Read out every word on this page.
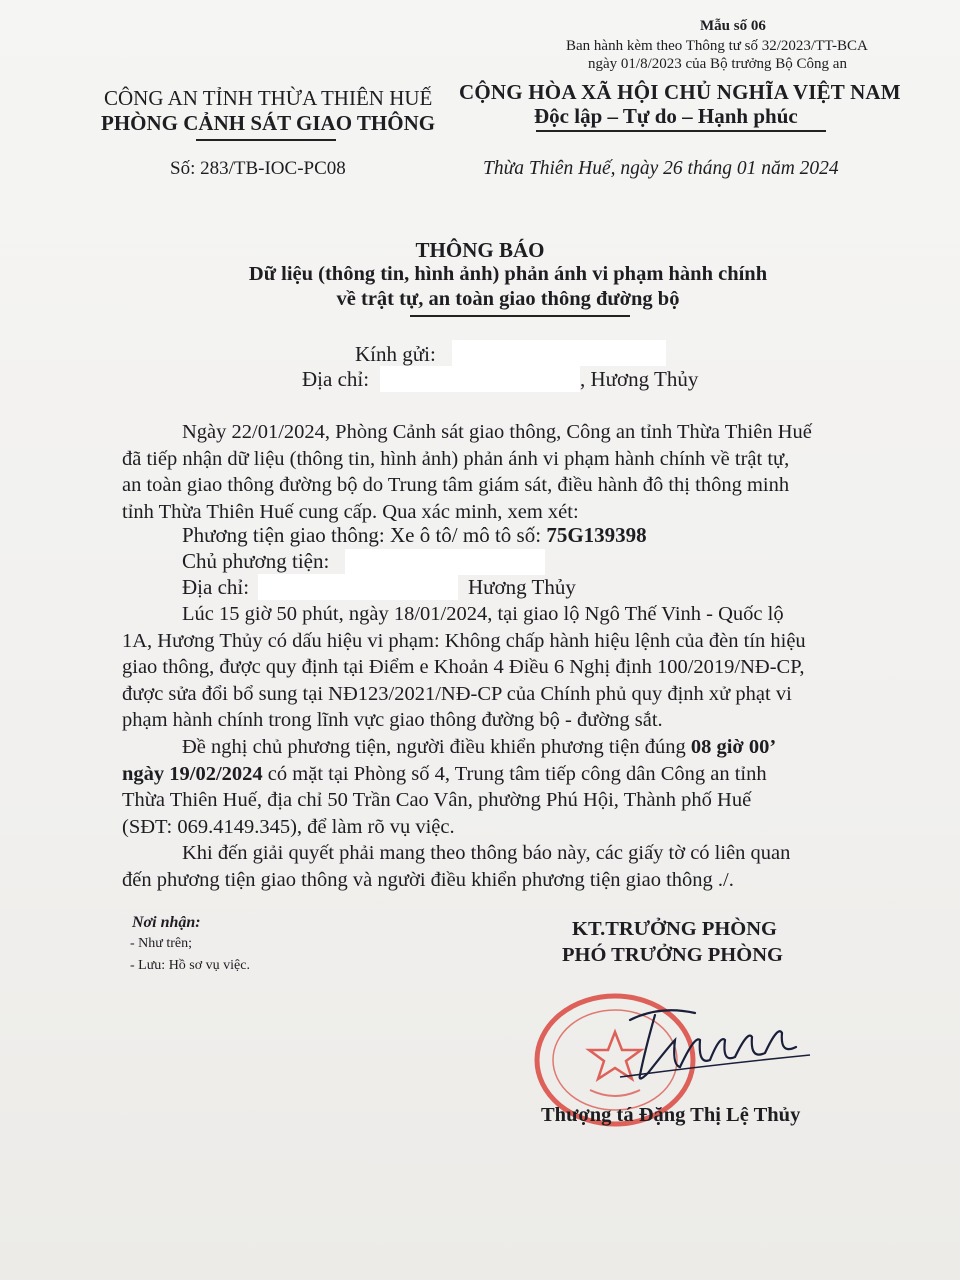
Mẫu số 06
Ban hành kèm theo Thông tư số 32/2023/TT-BCA
ngày 01/8/2023 của Bộ trưởng Bộ Công an
CÔNG AN TỈNH THỪA THIÊN HUẾ
PHÒNG CẢNH SÁT GIAO THÔNG
Số: 283/TB-IOC-PC08
CỘNG HÒA XÃ HỘI CHỦ NGHĨA VIỆT NAM
Độc lập – Tự do – Hạnh phúc
Thừa Thiên Huế, ngày 26 tháng 01 năm 2024
THÔNG BÁO
Dữ liệu (thông tin, hình ảnh) phản ánh vi phạm hành chính
về trật tự, an toàn giao thông đường bộ
Kính gửi:
Địa chỉ:	, Hương Thủy
Ngày 22/01/2024, Phòng Cảnh sát giao thông, Công an tỉnh Thừa Thiên Huế
đã tiếp nhận dữ liệu (thông tin, hình ảnh) phản ánh vi phạm hành chính về trật tự,
an toàn giao thông đường bộ do Trung tâm giám sát, điều hành đô thị thông minh
tỉnh Thừa Thiên Huế cung cấp. Qua xác minh, xem xét:
Phương tiện giao thông: Xe ô tô/ mô tô số: 75G139398
Chủ phương tiện:
Địa chỉ:	Hương Thủy
Lúc 15 giờ 50 phút, ngày 18/01/2024, tại giao lộ Ngô Thế Vinh - Quốc lộ
1A, Hương Thủy có dấu hiệu vi phạm: Không chấp hành hiệu lệnh của đèn tín hiệu
giao thông, được quy định tại Điểm e Khoản 4 Điều 6 Nghị định 100/2019/NĐ-CP,
được sửa đổi bổ sung tại NĐ123/2021/NĐ-CP của Chính phủ quy định xử phạt vi
phạm hành chính trong lĩnh vực giao thông đường bộ - đường sắt.
Đề nghị chủ phương tiện, người điều khiển phương tiện đúng 08 giờ 00’
ngày 19/02/2024 có mặt tại Phòng số 4, Trung tâm tiếp công dân Công an tỉnh
Thừa Thiên Huế, địa chỉ 50 Trần Cao Vân, phường Phú Hội, Thành phố Huế
(SĐT: 069.4149.345), để làm rõ vụ việc.
Khi đến giải quyết phải mang theo thông báo này, các giấy tờ có liên quan
đến phương tiện giao thông và người điều khiển phương tiện giao thông ./.
Nơi nhận:
- Như trên;
- Lưu: Hồ sơ vụ việc.
KT.TRƯỞNG PHÒNG
PHÓ TRƯỞNG PHÒNG
Thượng tá Đặng Thị Lệ Thủy
